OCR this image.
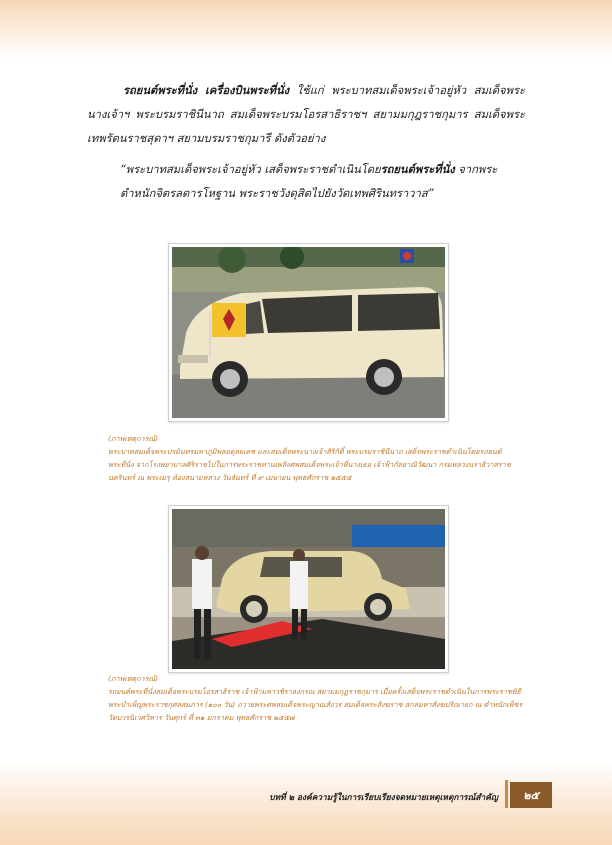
รถยนต์พระที่นั่ง เครื่องบินพระที่นั่ง ใช้แก่ พระบาทสมเด็จพระเจ้าอยู่หัว สมเด็จพระนางเจ้าฯ พระบรมราชินีนาถ สมเด็จพระบรมโอรสาธิราชฯ สยามมกุฎราชกุมาร สมเด็จพระเทพรัตนราชสุดาฯ สยามบรมราชกุมารี ดังตัวอย่าง
“พระบาทสมเด็จพระเจ้าอยู่หัว เสด็จพระราชดำเนินโดยรถยนต์พระที่นั่ง จากพระตำหนักจิตรลดารโหฐาน พระราชวังดุสิตไปยังวัดเทพศิรินทราวาส”
(ภาพเหตุการณ์)
พระบาทสมเด็จพระปรมินทรมหาภูมิพลอดุลยเดช และสมเด็จพระนางเจ้าสิริกิติ์ พระบรมราชินีนาถ เสด็จพระราชดำเนินโดยรถยนต์พระที่นั่ง จากโรงพยาบาลศิริราชไปในการพระราชทานเพลิงศพสมเด็จพระเจ้าพี่นางเธอ เจ้าฟ้ากัลยาณิวัฒนา กรมหลวงนราธิวาสราชนครินทร์ ณ พระเมรุ ท้องสนามหลวง วันจันทร์ ที่ ๙ เมษายน พุทธศักราช ๒๕๕๕
(ภาพเหตุการณ์)
รถยนต์พระที่นั่งสมเด็จพระบรมโอรสาธิราช เจ้าฟ้ามหาวชิราลงกรณ สยามมกุฎราชกุมาร เมื่อครั้งเสด็จพระราชดำเนินในการพระราชพิธีพระบำเพ็ญพระราชกุศลสมภาร (๑๐๐ วัน) ถวายพระศพสมเด็จพระญาณสังวร สมเด็จพระสังฆราช สกลมหาสังฆปริณายก ณ ตำหนักเพ็ชร วัดบวรนิเวศวิหาร วันศุกร์ ที่ ๓๑ มกราคม พุทธศักราช ๒๕๕๗
บทที่ ๒ องค์ความรู้ในการเรียบเรียงจดหมายเหตุเหตุการณ์สำคัญ	๒๕
